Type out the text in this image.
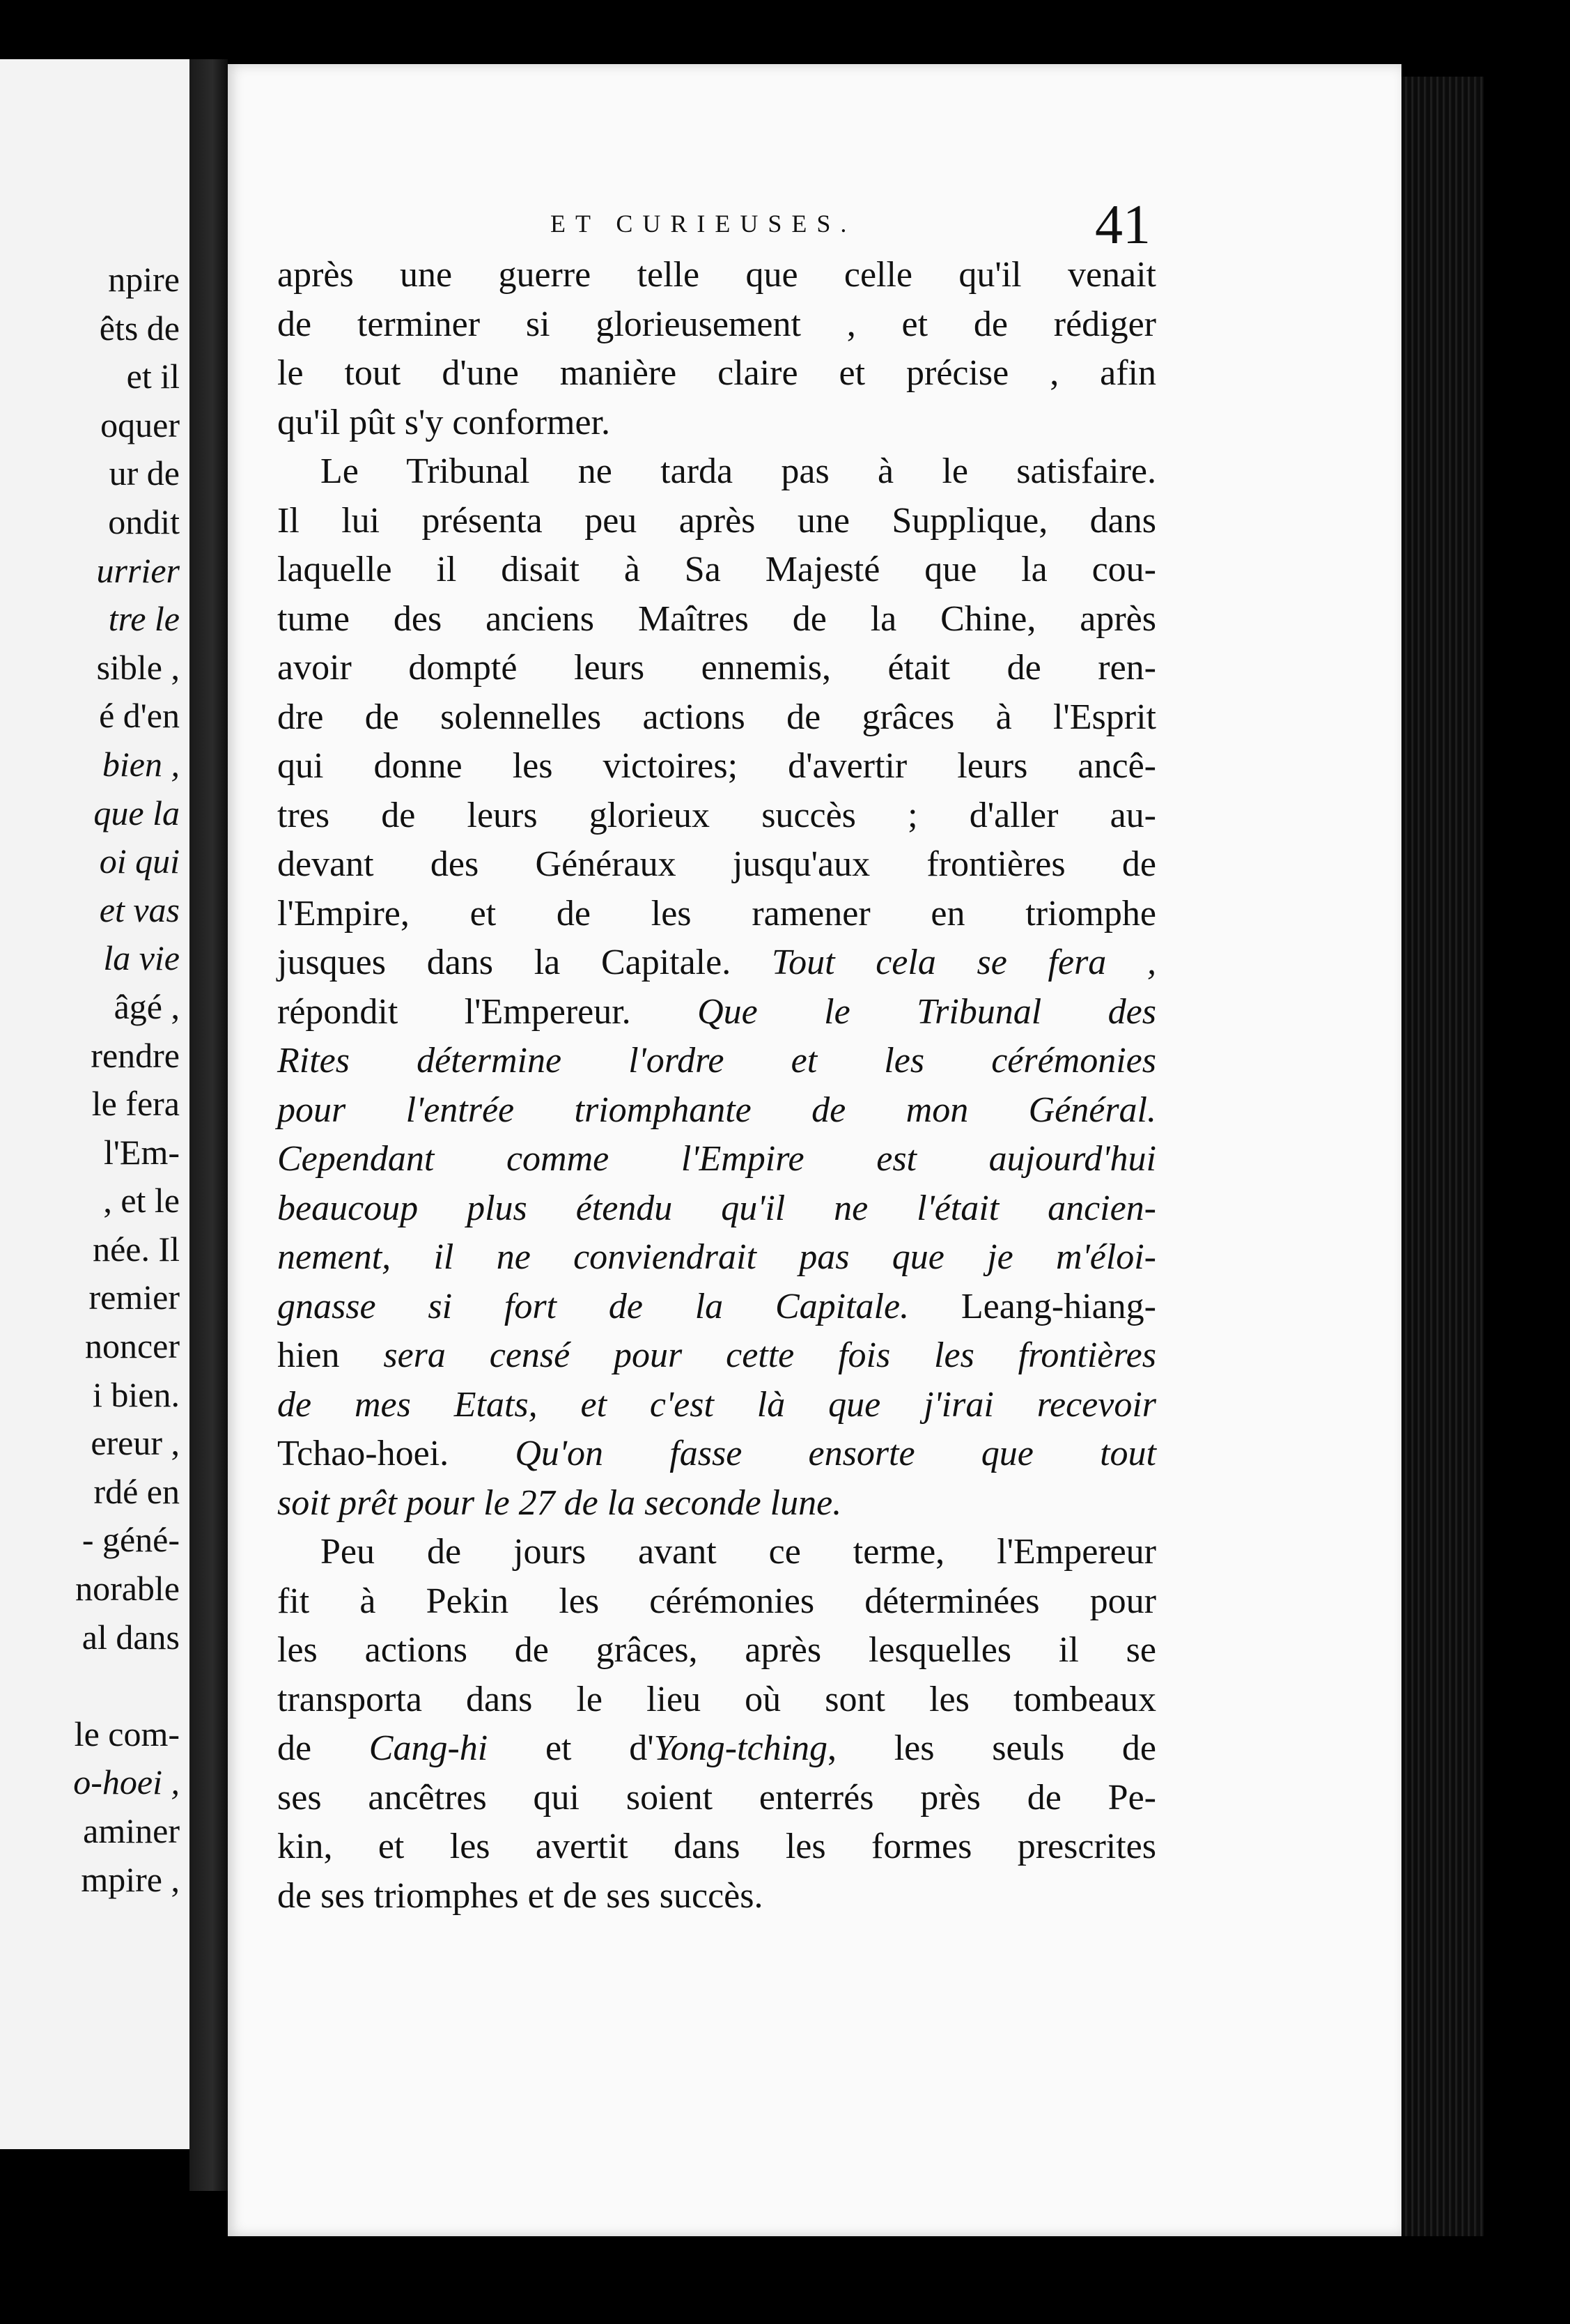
npire
êts de
et il
oquer
ur de
ondit
urrier
tre le
sible ,
é d'en
bien ,
que la
oi qui
et vas
la vie
âgé ,
rendre
le fera
l'Em-
, et le
née. Il
remier
noncer
i bien.
ereur ,
rdé en
- géné-
norable
al dans
le com-
o-hoei ,
aminer
mpire ,
ET CURIEUSES.	41
après une guerre telle que celle qu'il venait
de terminer si glorieusement , et de rédiger
le tout d'une manière claire et précise , afin
qu'il pût s'y conformer.
Le Tribunal ne tarda pas à le satisfaire.
Il lui présenta peu après une Supplique, dans
laquelle il disait à Sa Majesté que la cou-
tume des anciens Maîtres de la Chine, après
avoir dompté leurs ennemis, était de ren-
dre de solennelles actions de grâces à l'Esprit
qui donne les victoires; d'avertir leurs ancê-
tres de leurs glorieux succès ; d'aller au-
devant des Généraux jusqu'aux frontières de
l'Empire, et de les ramener en triomphe
jusques dans la Capitale. Tout cela se fera ,
répondit l'Empereur. Que le Tribunal des
Rites détermine l'ordre et les cérémonies
pour l'entrée triomphante de mon Général.
Cependant comme l'Empire est aujourd'hui
beaucoup plus étendu qu'il ne l'était ancien-
nement, il ne conviendrait pas que je m'éloi-
gnasse si fort de la Capitale. Leang-hiang-
hien sera censé pour cette fois les frontières
de mes Etats, et c'est là que j'irai recevoir
Tchao-hoei. Qu'on fasse ensorte que tout
soit prêt pour le 27 de la seconde lune.
Peu de jours avant ce terme, l'Empereur
fit à Pekin les cérémonies déterminées pour
les actions de grâces, après lesquelles il se
transporta dans le lieu où sont les tombeaux
de Cang-hi et d'Yong-tching, les seuls de
ses ancêtres qui soient enterrés près de Pe-
kin, et les avertit dans les formes prescrites
de ses triomphes et de ses succès.
